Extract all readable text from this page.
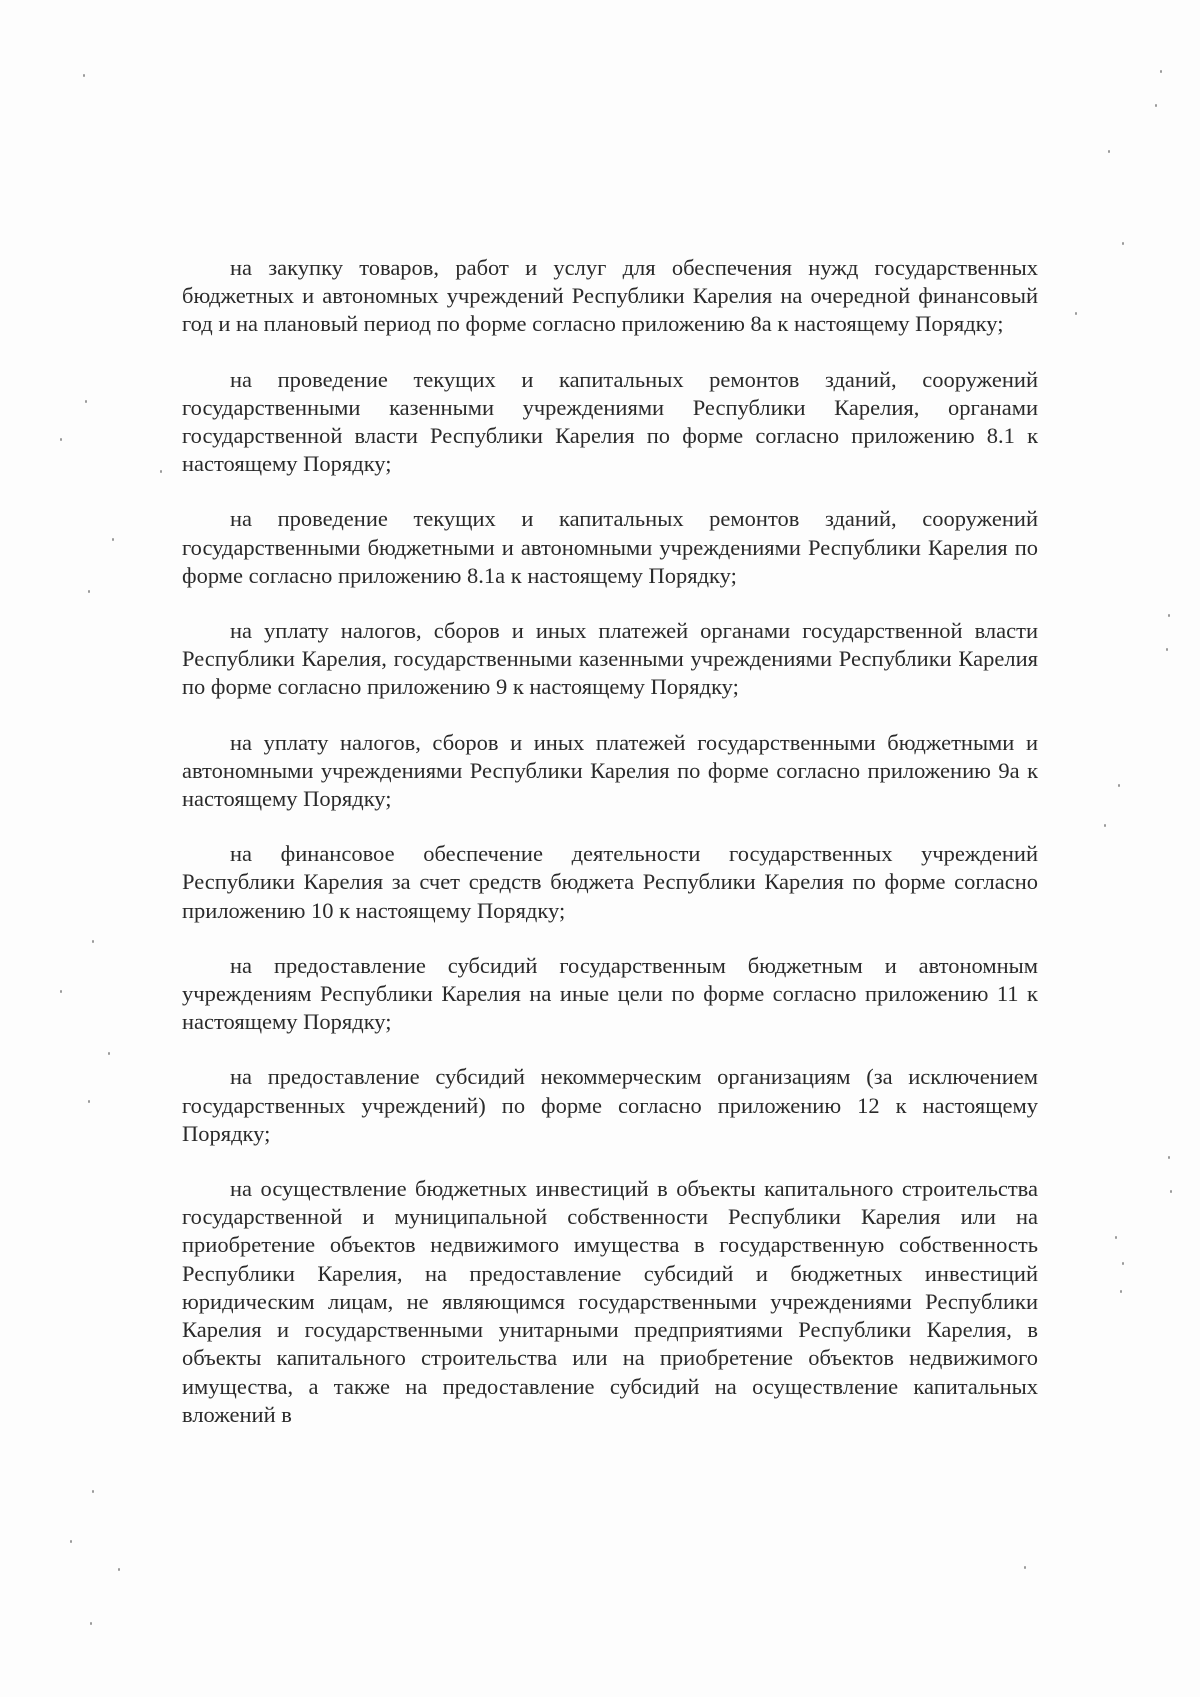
на закупку товаров, работ и услуг для обеспечения нужд государственных бюджетных и автономных учреждений Республики Карелия на очередной финансовый год и на плановый период по форме согласно приложению 8а к настоящему Порядку;

на проведение текущих и капитальных ремонтов зданий, сооружений государственными казенными учреждениями Республики Карелия, органами государственной власти Республики Карелия по форме согласно приложению 8.1 к настоящему Порядку;

на проведение текущих и капитальных ремонтов зданий, сооружений государственными бюджетными и автономными учреждениями Республики Карелия по форме согласно приложению 8.1а к настоящему Порядку;

на уплату налогов, сборов и иных платежей органами государственной власти Республики Карелия, государственными казенными учреждениями Республики Карелия по форме согласно приложению 9 к настоящему Порядку;

на уплату налогов, сборов и иных платежей государственными бюджетными и автономными учреждениями Республики Карелия по форме согласно приложению 9а к настоящему Порядку;

на финансовое обеспечение деятельности государственных учреждений Республики Карелия за счет средств бюджета Республики Карелия по форме согласно приложению 10 к настоящему Порядку;

на предоставление субсидий государственным бюджетным и автономным учреждениям Республики Карелия на иные цели по форме согласно приложению 11 к настоящему Порядку;

на предоставление субсидий некоммерческим организациям (за исключением государственных учреждений) по форме согласно приложению 12 к настоящему Порядку;

на осуществление бюджетных инвестиций в объекты капитального строительства государственной и муниципальной собственности Республики Карелия или на приобретение объектов недвижимого имущества в государственную собственность Республики Карелия, на предоставление субсидий и бюджетных инвестиций юридическим лицам, не являющимся государственными учреждениями Республики Карелия и государственными унитарными предприятиями Республики Карелия, в объекты капитального строительства или на приобретение объектов недвижимого имущества, а также на предоставление субсидий на осуществление капитальных вложений в
